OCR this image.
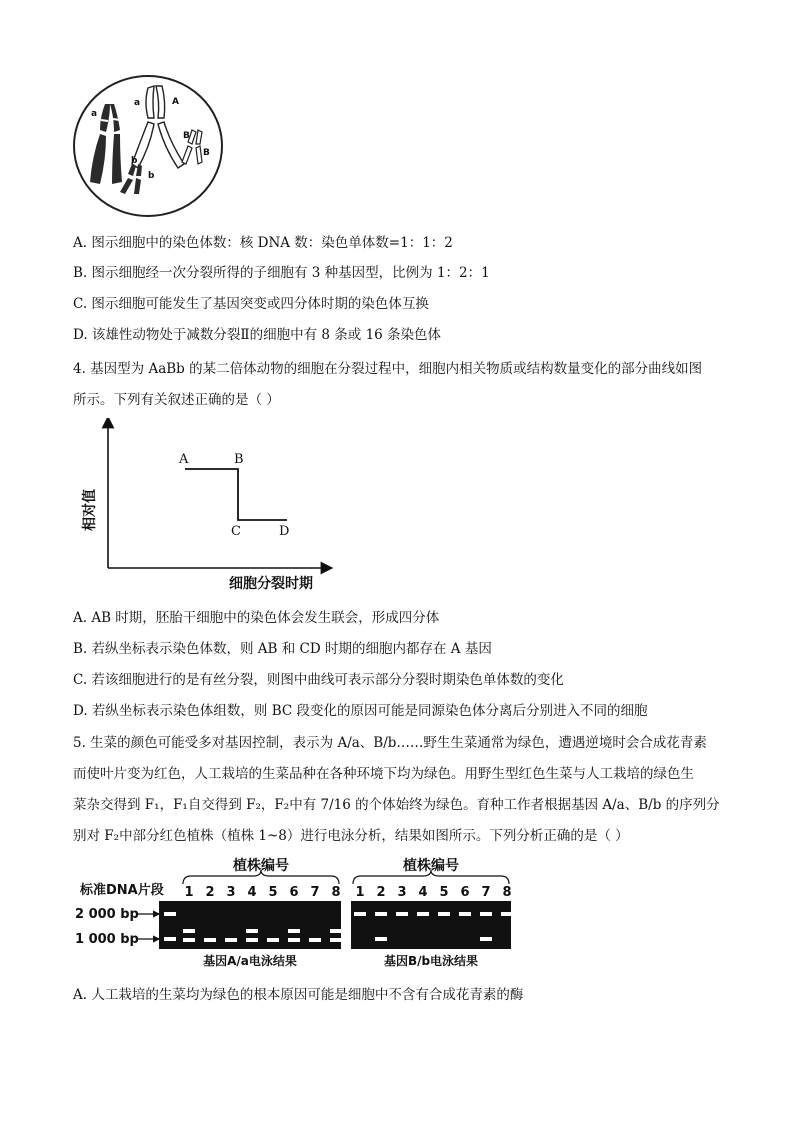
a
a	A
B
B
b
b
A. 图示细胞中的染色体数：核 DNA 数：染色单体数=1：1：2
B. 图示细胞经一次分裂所得的子细胞有 3 种基因型，比例为 1：2：1
C. 图示细胞可能发生了基因突变或四分体时期的染色体互换
D. 该雄性动物处于减数分裂Ⅱ的细胞中有 8 条或 16 条染色体
4. 基因型为 AaBb 的某二倍体动物的细胞在分裂过程中，细胞内相关物质或结构数量变化的部分曲线如图
所示。下列有关叙述正确的是（ ）
A	B
C	D
相对值
细胞分裂时期
A. AB 时期，胚胎干细胞中的染色体会发生联会，形成四分体
B. 若纵坐标表示染色体数，则 AB 和 CD 时期的细胞内都存在 A 基因
C. 若该细胞进行的是有丝分裂，则图中曲线可表示部分分裂时期染色单体数的变化
D. 若纵坐标表示染色体组数，则 BC 段变化的原因可能是同源染色体分离后分别进入不同的细胞
5. 生菜的颜色可能受多对基因控制，表示为 A/a、B/b……野生生菜通常为绿色，遭遇逆境时会合成花青素
而使叶片变为红色，人工栽培的生菜品种在各种环境下均为绿色。用野生型红色生菜与人工栽培的绿色生
菜杂交得到 F₁，F₁自交得到 F₂，F₂中有 7/16 的个体始终为绿色。育种工作者根据基因 A/a、B/b 的序列分
别对 F₂中部分红色植株（植株 1~8）进行电泳分析，结果如图所示。下列分析正确的是（ ）
植株编号	植株编号
标准DNA片段
2 000 bp
1 000 bp
1 2 3 4 5 6 7 8 1 2 3 4 5 6 7 8
基因A/a电泳结果	基因B/b电泳结果
A. 人工栽培的生菜均为绿色的根本原因可能是细胞中不含有合成花青素的酶
